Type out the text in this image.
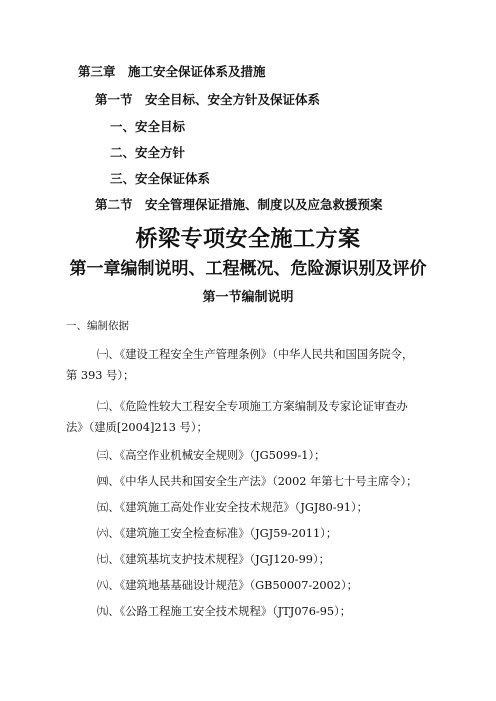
第三章　施工安全保证体系及措施
第一节　安全目标、安全方针及保证体系
一、安全目标
二、安全方针
三、安全保证体系
第二节　安全管理保证措施、制度以及应急救援预案
桥梁专项安全施工方案
第一章编制说明、工程概况、危险源识别及评价
第一节编制说明
一、编制依据
㈠、《建设工程安全生产管理条例》（中华人民共和国国务院令，
第 393 号）；
㈡、《危险性较大工程安全专项施工方案编制及专家论证审查办
法》（建质[2004]213 号）；
㈢、《高空作业机械安全规则》（JG5099-1）；
㈣、《中华人民共和国安全生产法》（2002 年第七十号主席令）；
㈤、《建筑施工高处作业安全技术规范》（JGJ80-91）；
㈥、《建筑施工安全检查标准》（JGJ59-2011）；
㈦、《建筑基坑支护技术规程》（JGJ120-99）；
㈧、《建筑地基基础设计规范》（GB50007-2002）；
㈨、《公路工程施工安全技术规程》（JTJ076-95）；
